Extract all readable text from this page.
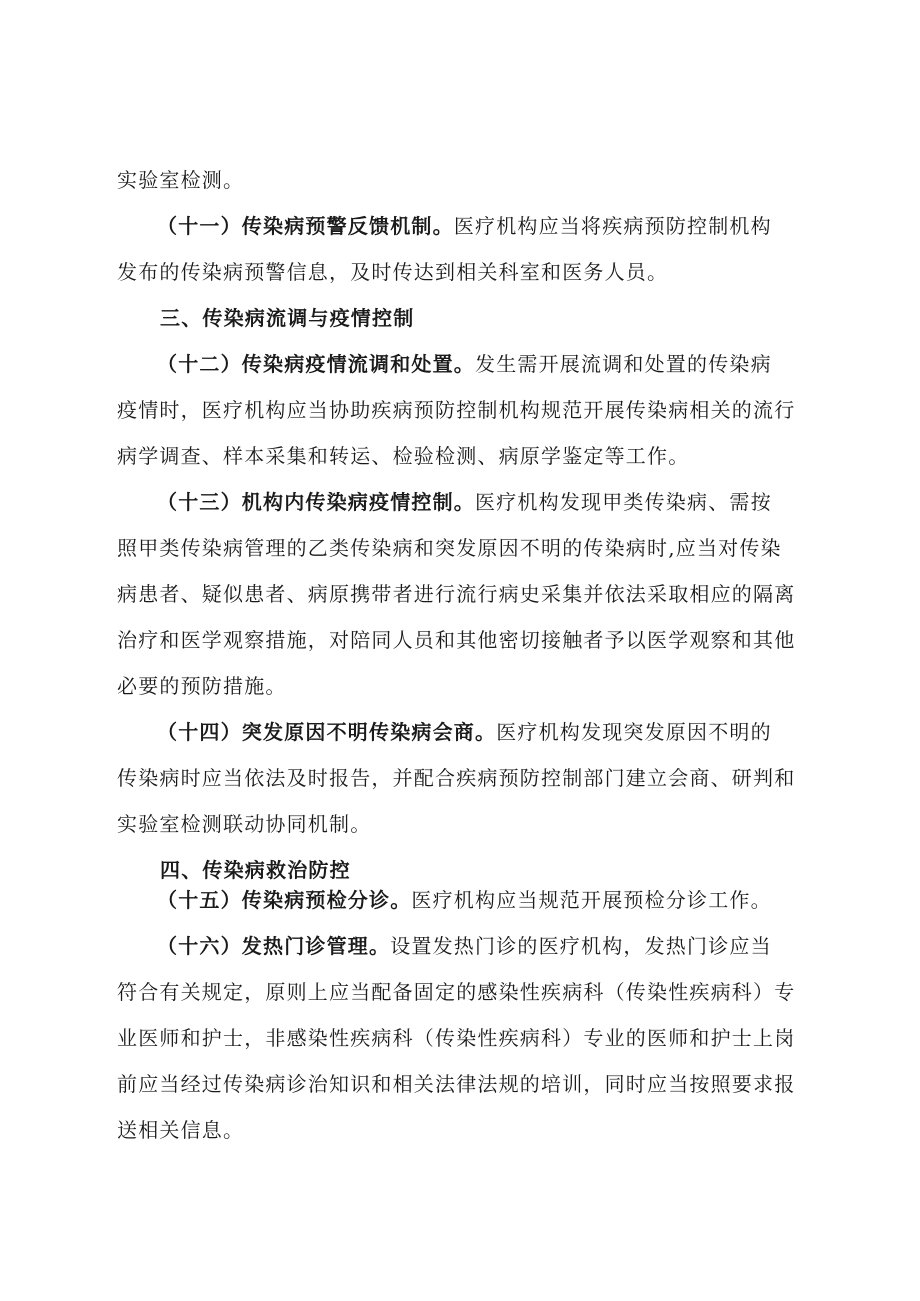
实验室检测。
（十一）传染病预警反馈机制。医疗机构应当将疾病预防控制机构
发布的传染病预警信息，及时传达到相关科室和医务人员。
三、传染病流调与疫情控制
（十二）传染病疫情流调和处置。发生需开展流调和处置的传染病
疫情时，医疗机构应当协助疾病预防控制机构规范开展传染病相关的流行
病学调查、样本采集和转运、检验检测、病原学鉴定等工作。
（十三）机构内传染病疫情控制。医疗机构发现甲类传染病、需按
照甲类传染病管理的乙类传染病和突发原因不明的传染病时,应当对传染
病患者、疑似患者、病原携带者进行流行病史采集并依法采取相应的隔离
治疗和医学观察措施，对陪同人员和其他密切接触者予以医学观察和其他
必要的预防措施。
（十四）突发原因不明传染病会商。医疗机构发现突发原因不明的
传染病时应当依法及时报告，并配合疾病预防控制部门建立会商、研判和
实验室检测联动协同机制。
四、传染病救治防控
（十五）传染病预检分诊。医疗机构应当规范开展预检分诊工作。
（十六）发热门诊管理。设置发热门诊的医疗机构，发热门诊应当
符合有关规定，原则上应当配备固定的感染性疾病科（传染性疾病科）专
业医师和护士，非感染性疾病科（传染性疾病科）专业的医师和护士上岗
前应当经过传染病诊治知识和相关法律法规的培训，同时应当按照要求报
送相关信息。
